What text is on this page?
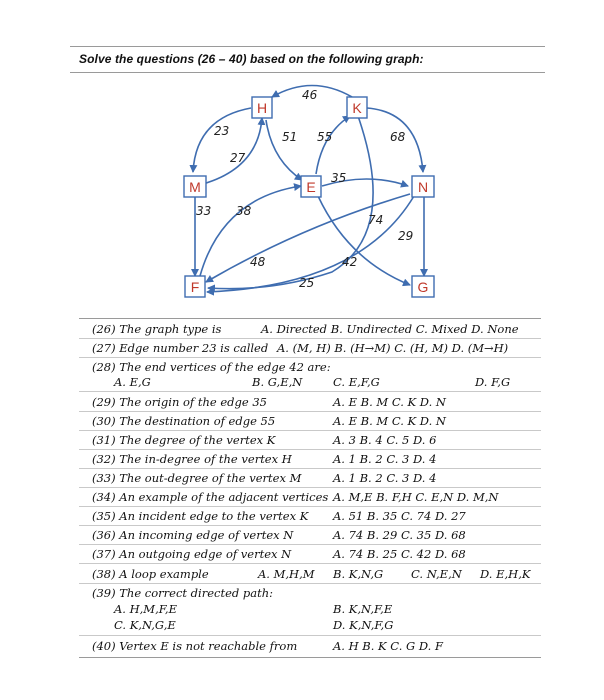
Solve the questions (26 – 40) based on the following graph:
H	K
M	E	N
F	G
46
23
27
51 55	68
35
33 38
74
29
48	42
25
(26) The graph type is	A. Directed B. Undirected C. Mixed D. None
(27) Edge number 23 is called A. (M, H) B. (H→M) C. (H, M) D. (M→H)
(28) The end vertices of the edge 42 are:
A. E,G	B. G,E,N	C. E,F,G	D. F,G
(29) The origin of the edge 35	A. E B. M C. K D. N
(30) The destination of edge 55	A. E B. M C. K D. N
(31) The degree of the vertex K	A. 3 B. 4 C. 5 D. 6
(32) The in-degree of the vertex H	A. 1 B. 2 C. 3 D. 4
(33) The out-degree of the vertex M	A. 1 B. 2 C. 3 D. 4
(34) An example of the adjacent vertices A. M,E B. F,H C. E,N D. M,N
(35) An incident edge to the vertex K A. 51 B. 35 C. 74 D. 27
(36) An incoming edge of vertex N	A. 74 B. 29 C. 35 D. 68
(37) An outgoing edge of vertex N	A. 74 B. 25 C. 42 D. 68
(38) A loop example	A. M,H,M B. K,N,G C. N,E,N D. E,H,K
(39) The correct directed path:
A. H,M,F,E	B. K,N,F,E
C. K,N,G,E	D. K,N,F,G
(40) Vertex E is not reachable from	A. H B. K C. G D. F
